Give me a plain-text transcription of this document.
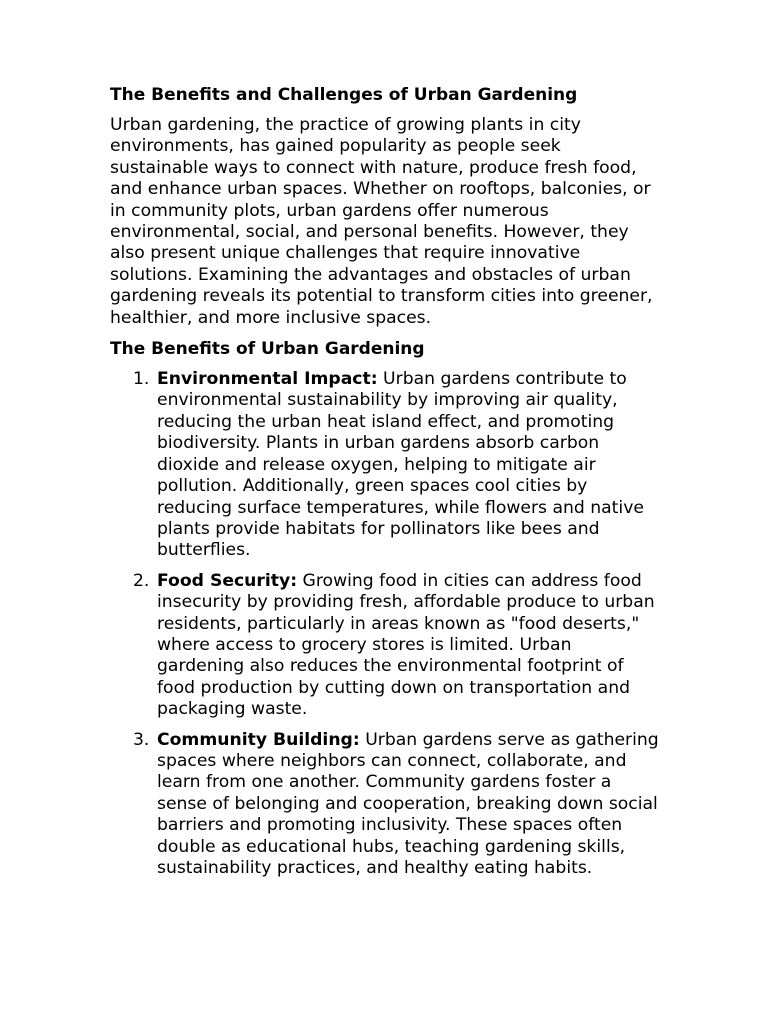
The Benefits and Challenges of Urban Gardening

Urban gardening, the practice of growing plants in city environments, has gained popularity as people seek sustainable ways to connect with nature, produce fresh food, and enhance urban spaces. Whether on rooftops, balconies, or in community plots, urban gardens offer numerous environmental, social, and personal benefits. However, they also present unique challenges that require innovative solutions. Examining the advantages and obstacles of urban gardening reveals its potential to transform cities into greener, healthier, and more inclusive spaces.

The Benefits of Urban Gardening
1. Environmental Impact: Urban gardens contribute to environmental sustainability by improving air quality, reducing the urban heat island effect, and promoting biodiversity. Plants in urban gardens absorb carbon dioxide and release oxygen, helping to mitigate air pollution. Additionally, green spaces cool cities by reducing surface temperatures, while flowers and native plants provide habitats for pollinators like bees and butterflies.
2. Food Security: Growing food in cities can address food insecurity by providing fresh, affordable produce to urban residents, particularly in areas known as "food deserts," where access to grocery stores is limited. Urban gardening also reduces the environmental footprint of food production by cutting down on transportation and packaging waste.
3. Community Building: Urban gardens serve as gathering spaces where neighbors can connect, collaborate, and learn from one another. Community gardens foster a sense of belonging and cooperation, breaking down social barriers and promoting inclusivity. These spaces often double as educational hubs, teaching gardening skills, sustainability practices, and healthy eating habits.
